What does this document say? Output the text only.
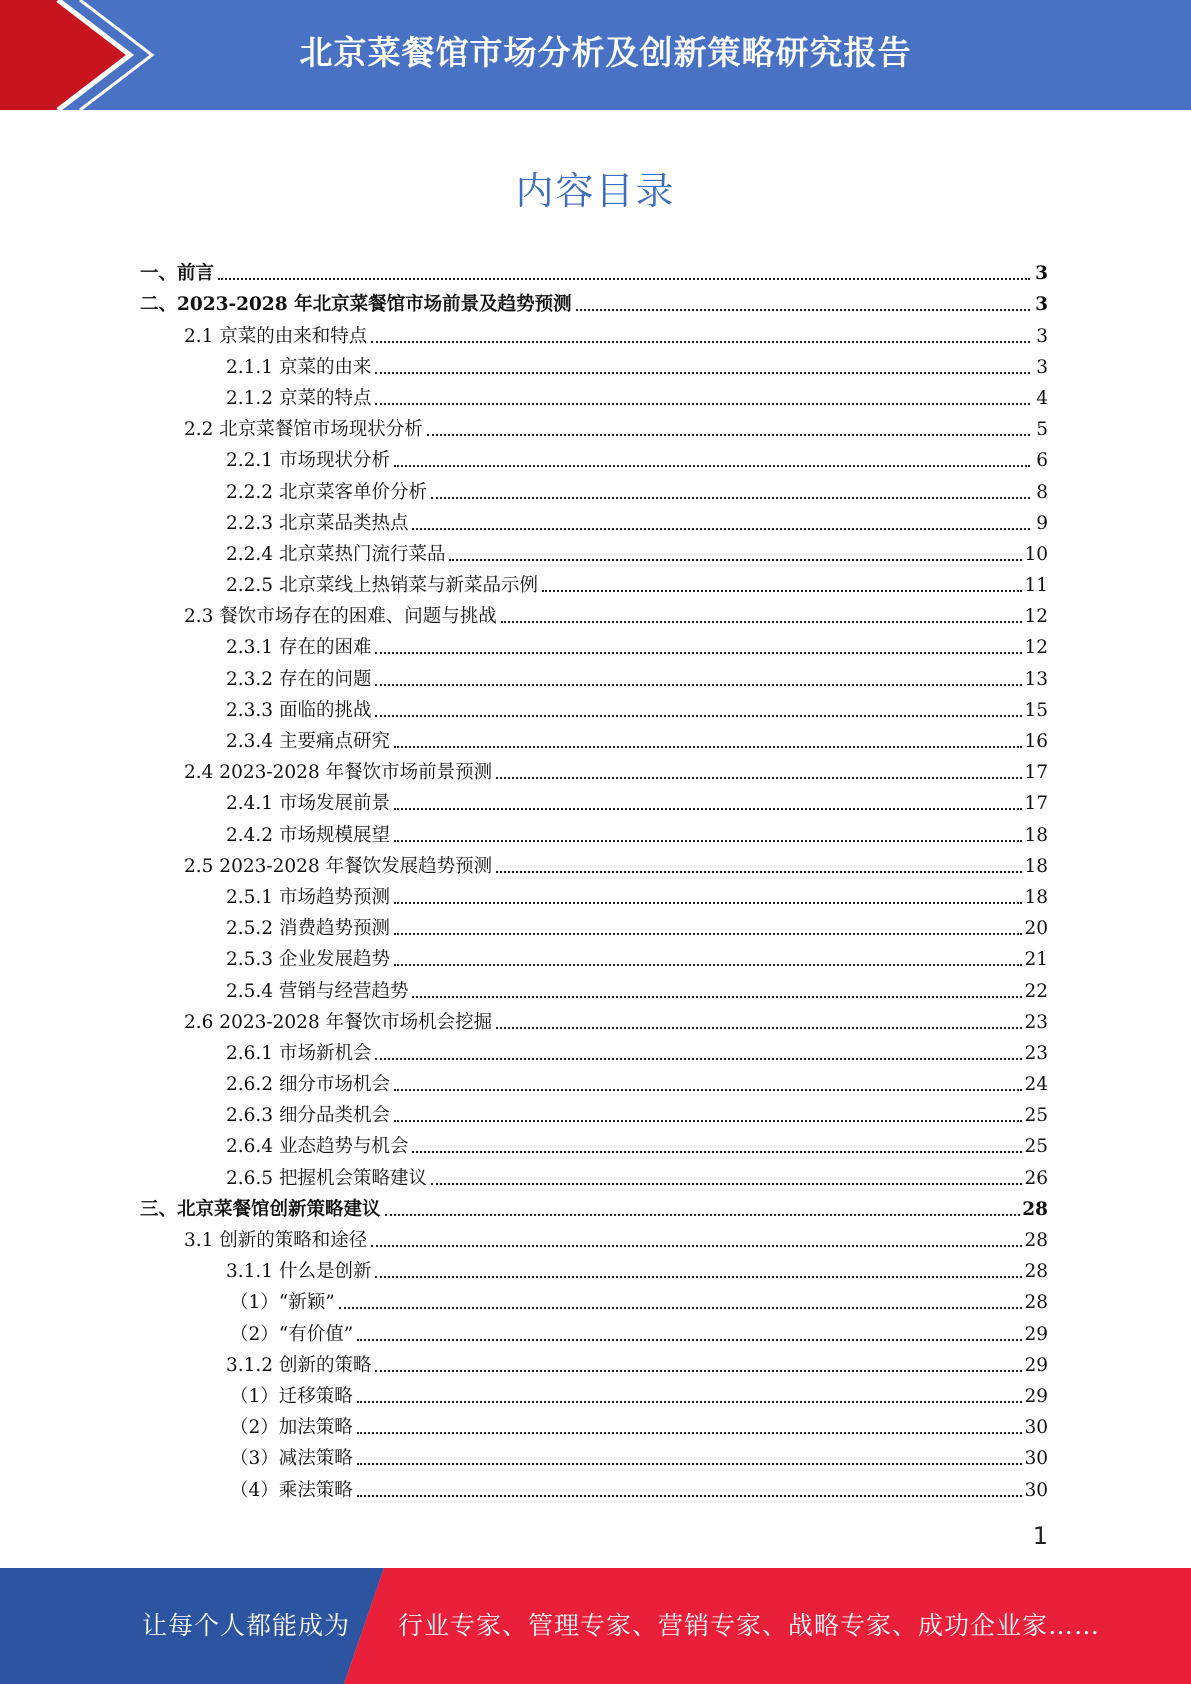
北京菜餐馆市场分析及创新策略研究报告
内容目录
一、前言	3
二、2023-2028 年北京菜餐馆市场前景及趋势预测	3
2.1 京菜的由来和特点	3
2.1.1 京菜的由来	3
2.1.2 京菜的特点	4
2.2 北京菜餐馆市场现状分析	5
2.2.1 市场现状分析	6
2.2.2 北京菜客单价分析	8
2.2.3 北京菜品类热点	9
2.2.4 北京菜热门流行菜品	10
2.2.5 北京菜线上热销菜与新菜品示例	11
2.3 餐饮市场存在的困难、问题与挑战	12
2.3.1 存在的困难	12
2.3.2 存在的问题	13
2.3.3 面临的挑战	15
2.3.4 主要痛点研究	16
2.4 2023-2028 年餐饮市场前景预测	17
2.4.1 市场发展前景	17
2.4.2 市场规模展望	18
2.5 2023-2028 年餐饮发展趋势预测	18
2.5.1 市场趋势预测	18
2.5.2 消费趋势预测	20
2.5.3 企业发展趋势	21
2.5.4 营销与经营趋势	22
2.6 2023-2028 年餐饮市场机会挖掘	23
2.6.1 市场新机会	23
2.6.2 细分市场机会	24
2.6.3 细分品类机会	25
2.6.4 业态趋势与机会	25
2.6.5 把握机会策略建议	26
三、北京菜餐馆创新策略建议	28
3.1 创新的策略和途径	28
3.1.1 什么是创新	28
（1）“新颖”	28
（2）“有价值”	29
3.1.2 创新的策略	29
（1）迁移策略	29
（2）加法策略	30
（3）减法策略	30
（4）乘法策略	30
1
让每个人都能成为 行业专家、管理专家、营销专家、战略专家、成功企业家……
